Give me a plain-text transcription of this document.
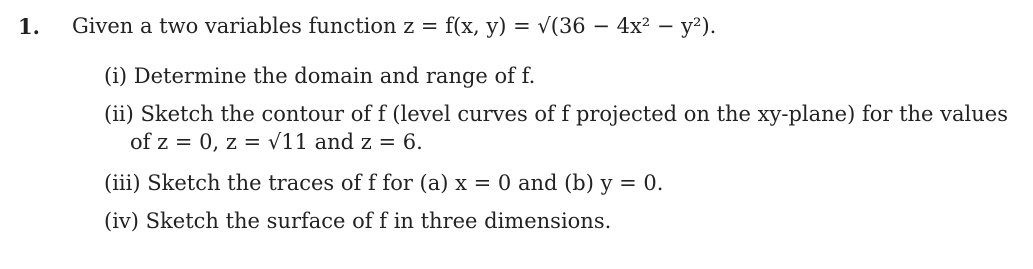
1. Given a two variables function z = f(x, y) = √(36 − 4x² − y²).
(i) Determine the domain and range of f.
(ii) Sketch the contour of f (level curves of f projected on the xy-plane) for the values
of z = 0, z = √11 and z = 6.
(iii) Sketch the traces of f for (a) x = 0 and (b) y = 0.
(iv) Sketch the surface of f in three dimensions.
